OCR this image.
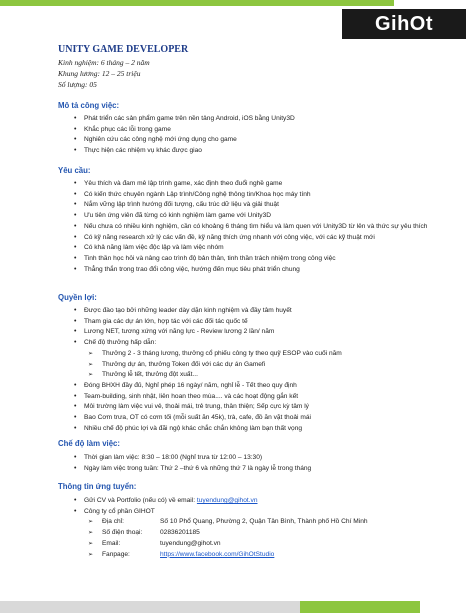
GihOt
UNITY GAME DEVELOPER
Kinh nghiệm: 6 tháng – 2 năm
Khung lương: 12 – 25 triệu
Số lượng: 05
Mô tả công việc:
• Phát triển các sản phẩm game trên nền tảng Android, iOS bằng Unity3D
• Khắc phục các lỗi trong game
• Nghiên cứu các công nghệ mới ứng dụng cho game
• Thực hiện các nhiệm vụ khác được giao
Yêu cầu:
• Yêu thích và đam mê lập trình game, xác định theo đuổi nghề game
• Có kiến thức chuyên ngành Lập trình/Công nghệ thông tin/Khoa học máy tính
• Nắm vững lập trình hướng đối tượng, cấu trúc dữ liệu và giải thuật
• Ưu tiên ứng viên đã từng có kinh nghiệm làm game với Unity3D
• Nếu chưa có nhiều kinh nghiệm, cần có khoảng 6 tháng tìm hiểu và làm quen với Unity3D từ lên và thức sự yêu thích
• Có kỹ năng research xử lý các vấn đề, kỹ năng thích ứng nhanh với công việc, với các kỹ thuật mới
• Có khả năng làm việc độc lập và làm việc nhóm
• Tinh thần học hỏi và nâng cao trình độ bản thân, tinh thần trách nhiệm trong công việc
• Thẳng thắn trong trao đổi công việc, hướng đến mục tiêu phát triển chung
Quyền lợi:
• Được đào tạo bởi những leader dày dặn kinh nghiệm và đầy tâm huyết
• Tham gia các dự án lớn, hợp tác với các đối tác quốc tế
• Lương NET, tương xứng với năng lực - Review lương 2 lần/ năm
• Chế độ thưởng hấp dẫn:
➢ Thưởng 2 - 3 tháng lương, thưởng cổ phiếu công ty theo quỹ ESOP vào cuối năm
➢ Thưởng dự án, thưởng Token đối với các dự án Gamefi
➢ Thưởng lễ tết, thưởng đột xuất...
• Đóng BHXH đầy đủ, Nghỉ phép 16 ngày/ năm, nghỉ lễ - Tết theo quy định
• Team-building, sinh nhật, liên hoan theo mùa.... và các hoạt động gắn kết
• Môi trường làm việc vui vẻ, thoải mái, trẻ trung, thân thiện; Sếp cực kỳ tâm lý
• Bao Cơm trưa, OT có cơm tối (mỗi suất ăn 45k), trà, cafe, đồ ăn vặt thoải mái
• Nhiều chế độ phúc lợi và đãi ngộ khác chắc chắn không làm bạn thất vọng
Chế độ làm việc:
• Thời gian làm việc: 8:30 – 18:00 (Nghỉ trưa từ 12:00 – 13:30)
• Ngày làm việc trong tuần: Thứ 2 –thứ 6 và những thứ 7 là ngày lễ trong tháng
Thông tin ứng tuyển:
• Gửi CV và Portfolio (nếu có) về email: tuyendung@gihot.vn
• Công ty cổ phần GIHOT
➢ Địa chỉ:	Số 10 Phổ Quang, Phường 2, Quận Tân Bình, Thành phố Hồ Chí Minh
➢ Số điện thoại:	02836201185
➢ Email:	tuyendung@gihot.vn
➢ Fanpage:	https://www.facebook.com/GihOtStudio
